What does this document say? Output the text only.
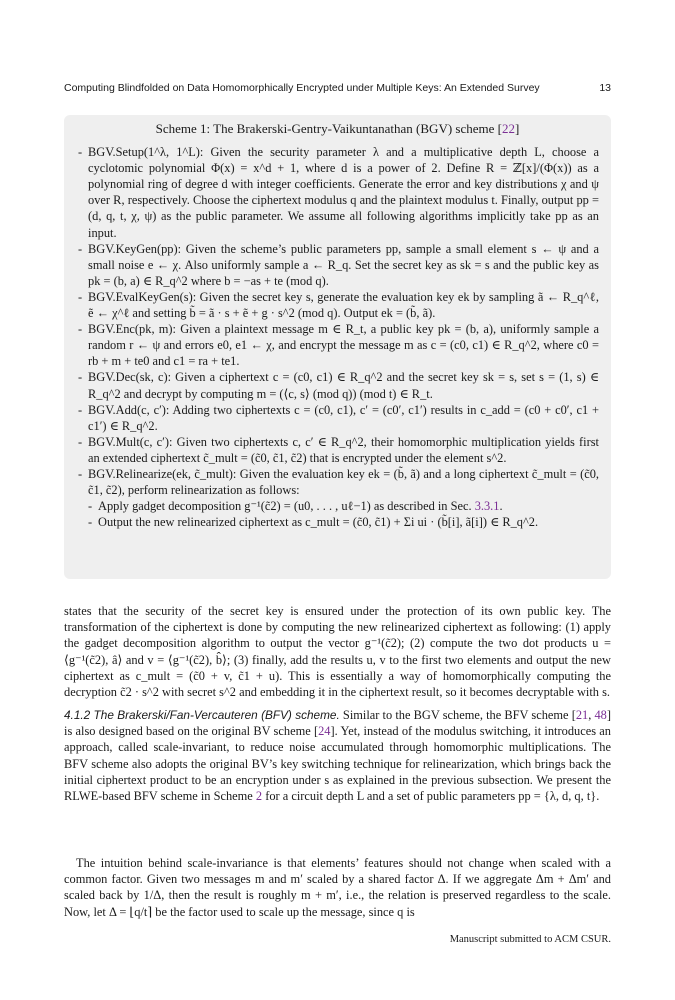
Computing Blindfolded on Data Homomorphically Encrypted under Multiple Keys: An Extended Survey	13
Scheme 1: The Brakerski-Gentry-Vaikuntanathan (BGV) scheme [22]
- BGV.Setup(1^λ, 1^L): Given the security parameter λ and a multiplicative depth L, choose a cyclotomic polynomial Φ(x) = x^d + 1, where d is a power of 2. Define R = ℤ[x]/(Φ(x)) as a polynomial ring of degree d with integer coefficients. Generate the error and key distributions χ and ψ over R, respectively. Choose the ciphertext modulus q and the plaintext modulus t. Finally, output pp = (d, q, t, χ, ψ) as the public parameter. We assume all following algorithms implicitly take pp as an input.
- BGV.KeyGen(pp): Given the scheme’s public parameters pp, sample a small element s ← ψ and a small noise e ← χ. Also uniformly sample a ← R_q. Set the secret key as sk = s and the public key as pk = (b, a) ∈ R_q^2 where b = −as + te (mod q).
- BGV.EvalKeyGen(s): Given the secret key s, generate the evaluation key ek by sampling ã ← R_q^ℓ, ẽ ← χ^ℓ and setting b̃ = ã · s + ẽ + g · s^2 (mod q). Output ek = (b̃, ã).
- BGV.Enc(pk, m): Given a plaintext message m ∈ R_t, a public key pk = (b, a), uniformly sample a random r ← ψ and errors e0, e1 ← χ, and encrypt the message m as c = (c0, c1) ∈ R_q^2, where c0 = rb + m + te0 and c1 = ra + te1.
- BGV.Dec(sk, c): Given a ciphertext c = (c0, c1) ∈ R_q^2 and the secret key sk = s, set s = (1, s) ∈ R_q^2 and decrypt by computing m = (⟨c, s⟩ (mod q)) (mod t) ∈ R_t.
- BGV.Add(c, c′): Adding two ciphertexts c = (c0, c1), c′ = (c0′, c1′) results in c_add = (c0 + c0′, c1 + c1′) ∈ R_q^2.
- BGV.Mult(c, c′): Given two ciphertexts c, c′ ∈ R_q^2, their homomorphic multiplication yields first an extended ciphertext c̃_mult = (c̃0, c̃1, c̃2) that is encrypted under the element s^2.
- BGV.Relinearize(ek, c̃_mult): Given the evaluation key ek = (b̃, ã) and a long ciphertext c̃_mult = (c̃0, c̃1, c̃2), perform relinearization as follows:
- Apply gadget decomposition g⁻¹(c̃2) = (u0, . . . , uℓ−1) as described in Sec. 3.3.1.
- Output the new relinearized ciphertext as c_mult = (c̃0, c̃1) + Σi ui · (b̃[i], ã[i]) ∈ R_q^2.
states that the security of the secret key is ensured under the protection of its own public key. The transformation of the ciphertext is done by computing the new relinearized ciphertext as following: (1) apply the gadget decomposition algorithm to output the vector g⁻¹(c̃2); (2) compute the two dot products u = ⟨g⁻¹(c̃2), â⟩ and v = ⟨g⁻¹(c̃2), b̂⟩; (3) finally, add the results u, v to the first two elements and output the new ciphertext as c_mult = (c̃0 + v, c̃1 + u). This is essentially a way of homomorphically computing the decryption c̃2 · s^2 with secret s^2 and embedding it in the ciphertext result, so it becomes decryptable with s.
4.1.2 The Brakerski/Fan-Vercauteren (BFV) scheme. Similar to the BGV scheme, the BFV scheme [21, 48] is also designed based on the original BV scheme [24]. Yet, instead of the modulus switching, it introduces an approach, called scale-invariant, to reduce noise accumulated through homomorphic multiplications. The BFV scheme also adopts the original BV’s key switching technique for relinearization, which brings back the initial ciphertext product to be an encryption under s as explained in the previous subsection. We present the RLWE-based BFV scheme in Scheme 2 for a circuit depth L and a set of public parameters pp = {λ, d, q, t}.
The intuition behind scale-invariance is that elements’ features should not change when scaled with a common factor. Given two messages m and m′ scaled by a shared factor Δ. If we aggregate Δm + Δm′ and scaled back by 1/Δ, then the result is roughly m + m′, i.e., the relation is preserved regardless to the scale. Now, let Δ = ⌊q/t⌉ be the factor used to scale up the message, since q is
Manuscript submitted to ACM CSUR.
